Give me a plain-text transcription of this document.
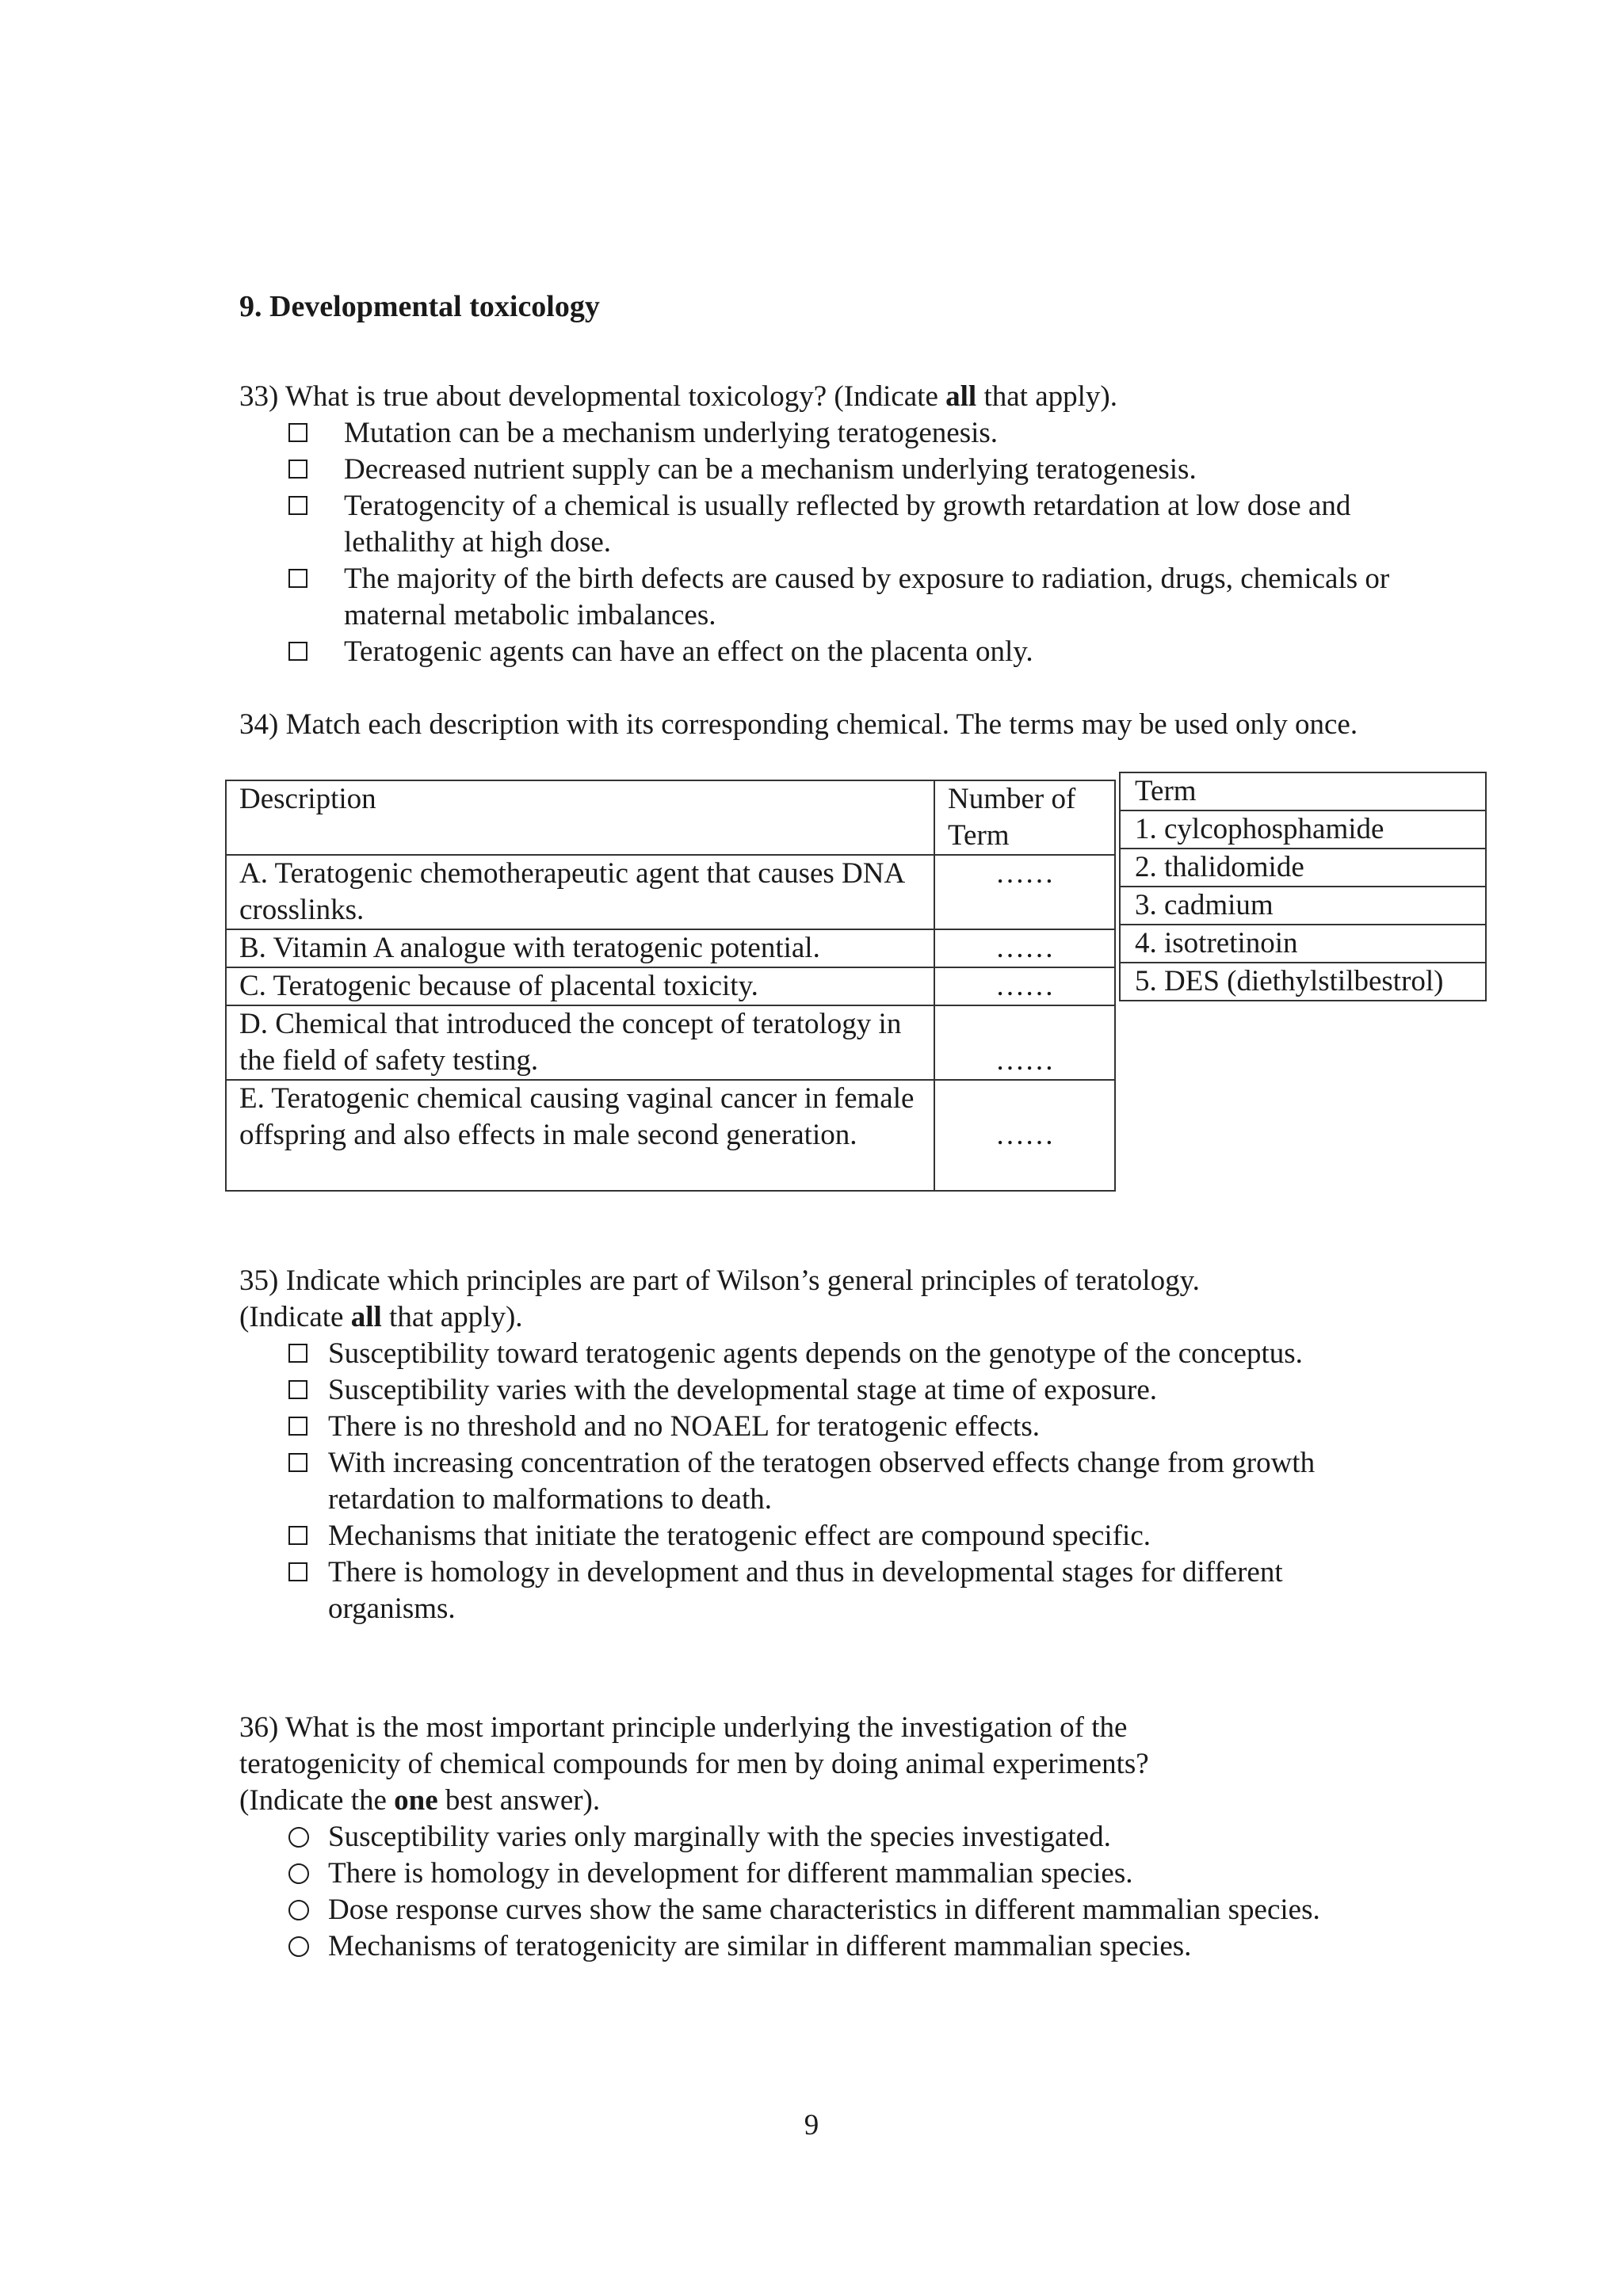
9. Developmental toxicology
33) What is true about developmental toxicology? (Indicate all that apply).
Mutation can be a mechanism underlying teratogenesis.
Decreased nutrient supply can be a mechanism underlying teratogenesis.
Teratogencity of a chemical is usually reflected by growth retardation at low dose and lethalithy at high dose.
The majority of the birth defects are caused by exposure to radiation, drugs, chemicals or maternal metabolic imbalances.
Teratogenic agents can have an effect on the placenta only.
34) Match each description with its corresponding chemical. The terms may be used only once.
Description	Number of Term
A. Teratogenic chemotherapeutic agent that causes DNA crosslinks.	……
B. Vitamin A analogue with teratogenic potential.	……
C. Teratogenic because of placental toxicity.	……
D. Chemical that introduced the concept of teratology in the field of safety testing.	……
E. Teratogenic chemical causing vaginal cancer in female offspring and also effects in male second generation.	……
Term
1. cylcophosphamide
2. thalidomide
3. cadmium
4. isotretinoin
5. DES (diethylstilbestrol)
35) Indicate which principles are part of Wilson’s general principles of teratology.
(Indicate all that apply).
Susceptibility toward teratogenic agents depends on the genotype of the conceptus.
Susceptibility varies with the developmental stage at time of exposure.
There is no threshold and no NOAEL for teratogenic effects.
With increasing concentration of the teratogen observed effects change from growth retardation to malformations to death.
Mechanisms that initiate the teratogenic effect are compound specific.
There is homology in development and thus in developmental stages for different organisms.
36) What is the most important principle underlying the investigation of the
teratogenicity of chemical compounds for men by doing animal experiments?
(Indicate the one best answer).
Susceptibility varies only marginally with the species investigated.
There is homology in development for different mammalian species.
Dose response curves show the same characteristics in different mammalian species.
Mechanisms of teratogenicity are similar in different mammalian species.
9
